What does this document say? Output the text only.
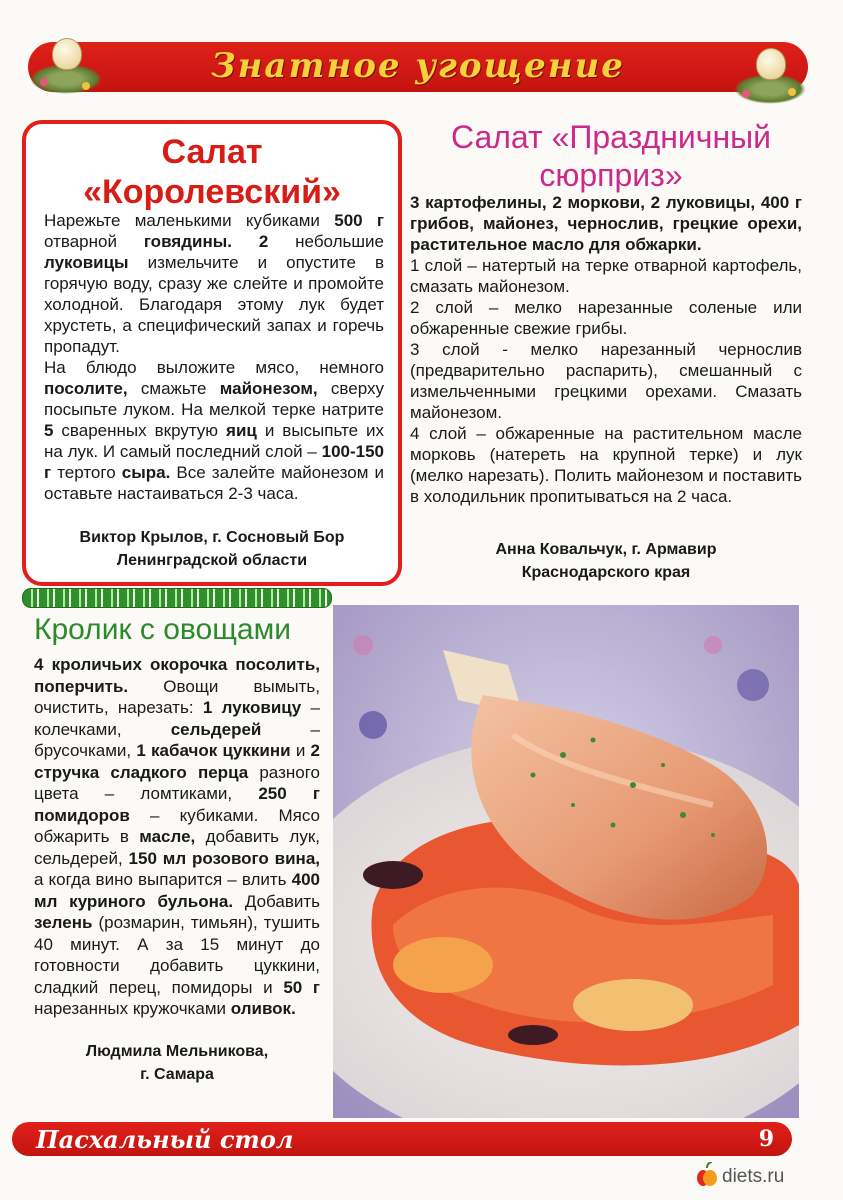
Знатное угощение
Салат
«Королевский»
Нарежьте маленькими кубиками 500 г отварной говядины. 2 небольшие луковицы измельчите и опустите в горячую воду, сразу же слейте и промойте холодной. Благодаря этому лук будет хрустеть, а специфический запах и горечь пропадут.
На блюдо выложите мясо, немного посолите, смажьте майонезом, сверху посыпьте луком. На мелкой терке натрите 5 сваренных вкрутую яиц и высыпьте их на лук. И самый последний слой – 100-150 г тертого сыра. Все залейте майонезом и оставьте настаиваться 2-3 часа.
Виктор Крылов, г. Сосновый Бор
Ленинградской области
Салат «Праздничный
сюрприз»
3 картофелины, 2 моркови, 2 луковицы, 400 г грибов, майонез, чернослив, грецкие орехи, растительное масло для обжарки.
1 слой – натертый на терке отварной картофель, смазать майонезом.
2 слой – мелко нарезанные соленые или обжаренные свежие грибы.
3 слой - мелко нарезанный чернослив (предварительно распарить), смешанный с измельченными грецкими орехами. Смазать майонезом.
4 слой – обжаренные на растительном масле морковь (натереть на крупной терке) и лук (мелко нарезать). Полить майонезом и поставить в холодильник пропитываться на 2 часа.
Анна Ковальчук, г. Армавир
Краснодарского края
Кролик с овощами
4 кроличьих окорочка посолить, поперчить. Овощи вымыть, очистить, нарезать: 1 луковицу – колечками, сельдерей – брусочками, 1 кабачок цуккини и 2 стручка сладкого перца разного цвета – ломтиками, 250 г помидоров – кубиками. Мясо обжарить в масле, добавить лук, сельдерей, 150 мл розового вина, а когда вино выпарится – влить 400 мл куриного бульона. Добавить зелень (розмарин, тимьян), тушить 40 минут. А за 15 минут до готовности добавить цуккини, сладкий перец, помидоры и 50 г нарезанных кружочками оливок.
Людмила Мельникова,
г. Самара
Пасхальный стол	9
diets.ru
